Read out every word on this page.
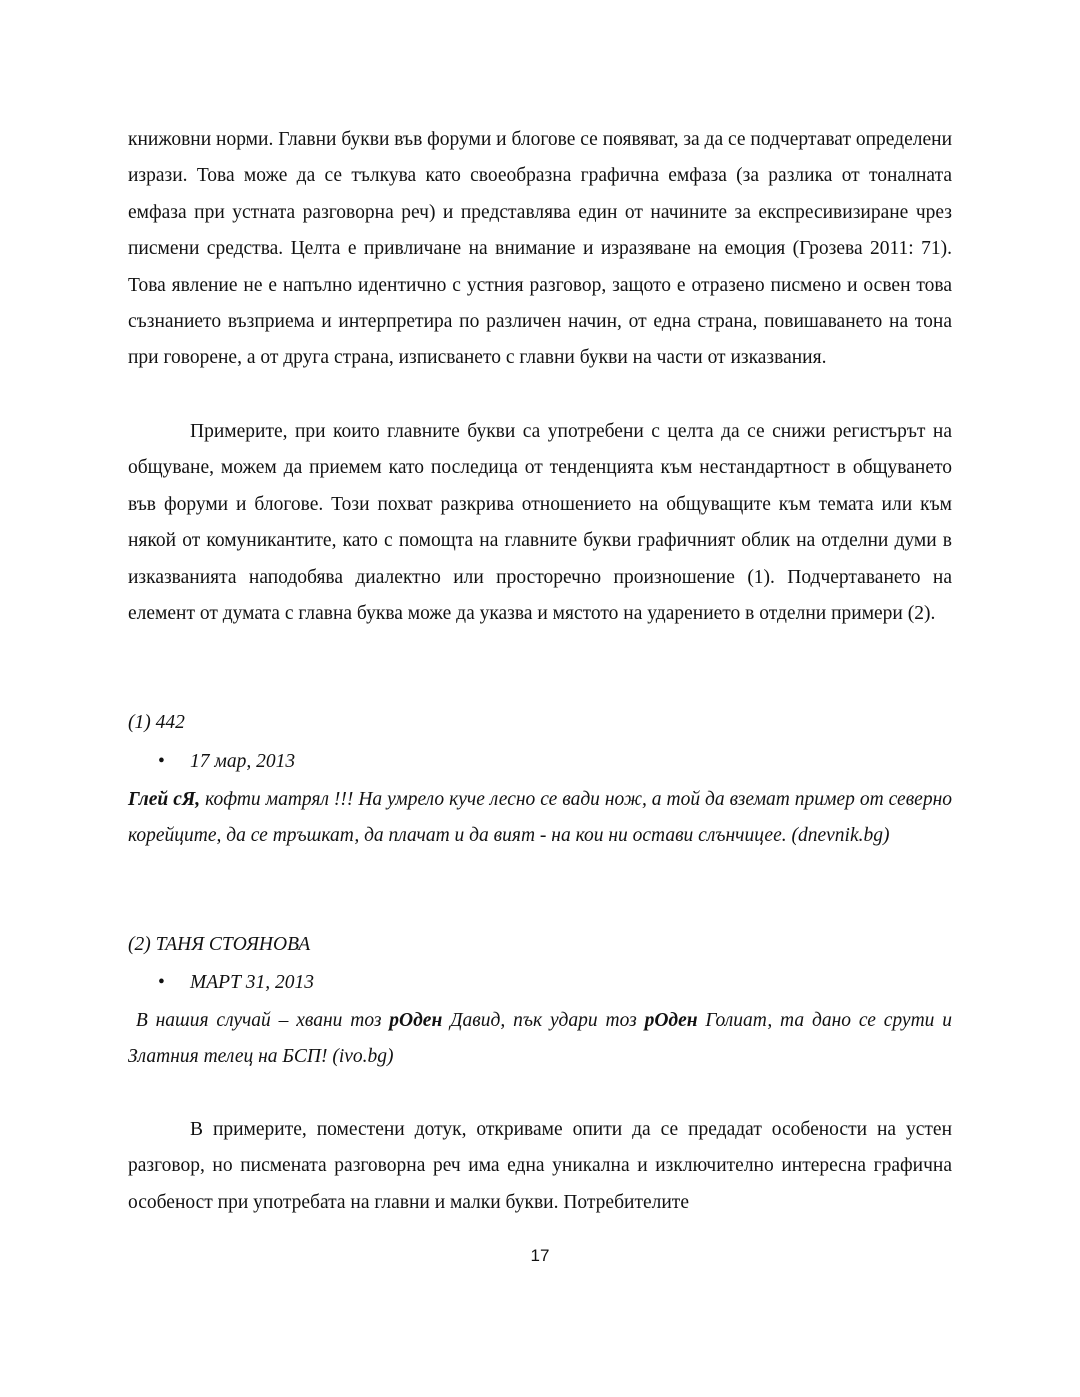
книжовни норми. Главни букви във форуми и блогове се появяват, за да се подчертават определени изрази. Това може да се тълкува като своеобразна графична емфаза (за разлика от тоналната емфаза при устната разговорна реч) и представлява един от начините за експресивизиране чрез писмени средства. Целта е привличане на внимание и изразяване на емоция (Грозева 2011: 71). Това явление не е напълно идентично с устния разговор, защото е отразено писмено и освен това съзнанието възприема и интерпретира по различен начин, от една страна, повишаването на тона при говорене, а от друга страна, изписването с главни букви на части от изказвания.
Примерите, при които главните букви са употребени с целта да се снижи регистърът на общуване, можем да приемем като последица от тенденцията към нестандартност в общуването във форуми и блогове. Този похват разкрива отношението на общуващите към темата или към някой от комуникантите, като с помощта на главните букви графичният облик на отделни думи в изказванията наподобява диалектно или просторечно произношение (1). Подчертаването на елемент от думата с главна буква може да указва и мястото на ударението в отделни примери (2).
(1) 442
• 17 мар, 2013
Глей сЯ, кофти матрял !!! На умрело куче лесно се вади нож, а той да вземат пример от северно корейците, да се тръшкат, да плачат и да вият - на кои ни остави слънчицее. (dnevnik.bg)
(2) ТАНЯ СТОЯНОВА
• МАРТ 31, 2013
В нашия случай – хвани тоз рОден Давид, пък удари тоз рОден Голиат, та дано се срути и Златния телец на БСП! (ivo.bg)
В примерите, поместени дотук, откриваме опити да се предадат особености на устен разговор, но писмената разговорна реч има една уникална и изключително интересна графична особеност при употребата на главни и малки букви. Потребителите
17
